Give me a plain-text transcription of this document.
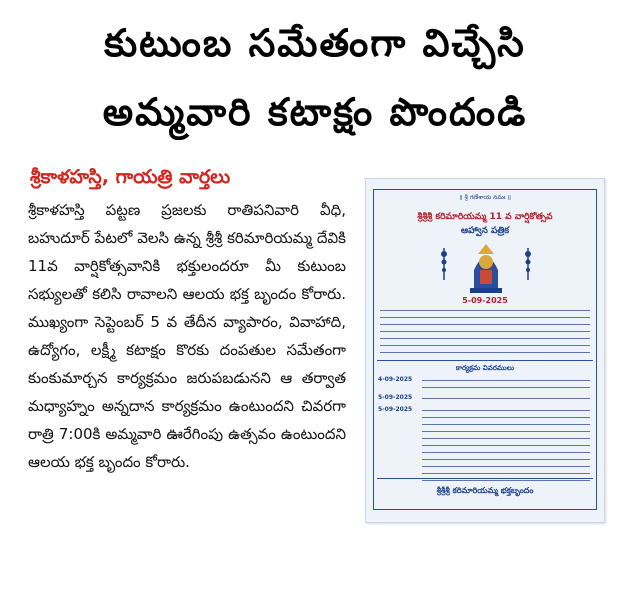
కుటుంబ సమేతంగా విచ్చేసి
అమ్మవారి కటాక్షం పొందండి
శ్రీకాళహస్తి, గాయత్రి వార్తలు

శ్రీకాళహస్తి పట్టణ ప్రజలకు రాతిపనివారి వీధి, బహుదూర్ పేటలో వెలసి ఉన్న శ్రీశ్రీ కరిమారియమ్మ దేవికి 11వ వార్షికోత్సవానికి భక్తులందరూ మీ కుటుంబ సభ్యులతో కలిసి రావాలని ఆలయ భక్త బృందం కోరారు. ముఖ్యంగా సెప్టెంబర్ 5 వ తేదీన వ్యాపారం, వివాహాది, ఉద్యోగం, లక్ష్మీ కటాక్షం కొరకు దంపతుల సమేతంగా కుంకుమార్చన కార్యక్రమం జరుపబడునని ఆ తర్వాత మధ్యాహ్నం అన్నదాన కార్యక్రమం ఉంటుందని చివరగా రాత్రి 7:00కి అమ్మవారి ఊరేగింపు ఉత్సవం ఉంటుందని ఆలయ భక్త బృందం కోరారు.

॥ శ్రీ గణేశాయ నమః ॥
శ్రీశ్రీశ్రీ కరిమారియమ్మ 11 వ వార్షికోత్సవ
ఆహ్వాన పత్రిక
5-09-2025
కార్యక్రమ వివరములు
4-09-2025
5-09-2025
5-09-2025
శ్రీశ్రీశ్రీ కరిమారియమ్మ భక్తబృందం
